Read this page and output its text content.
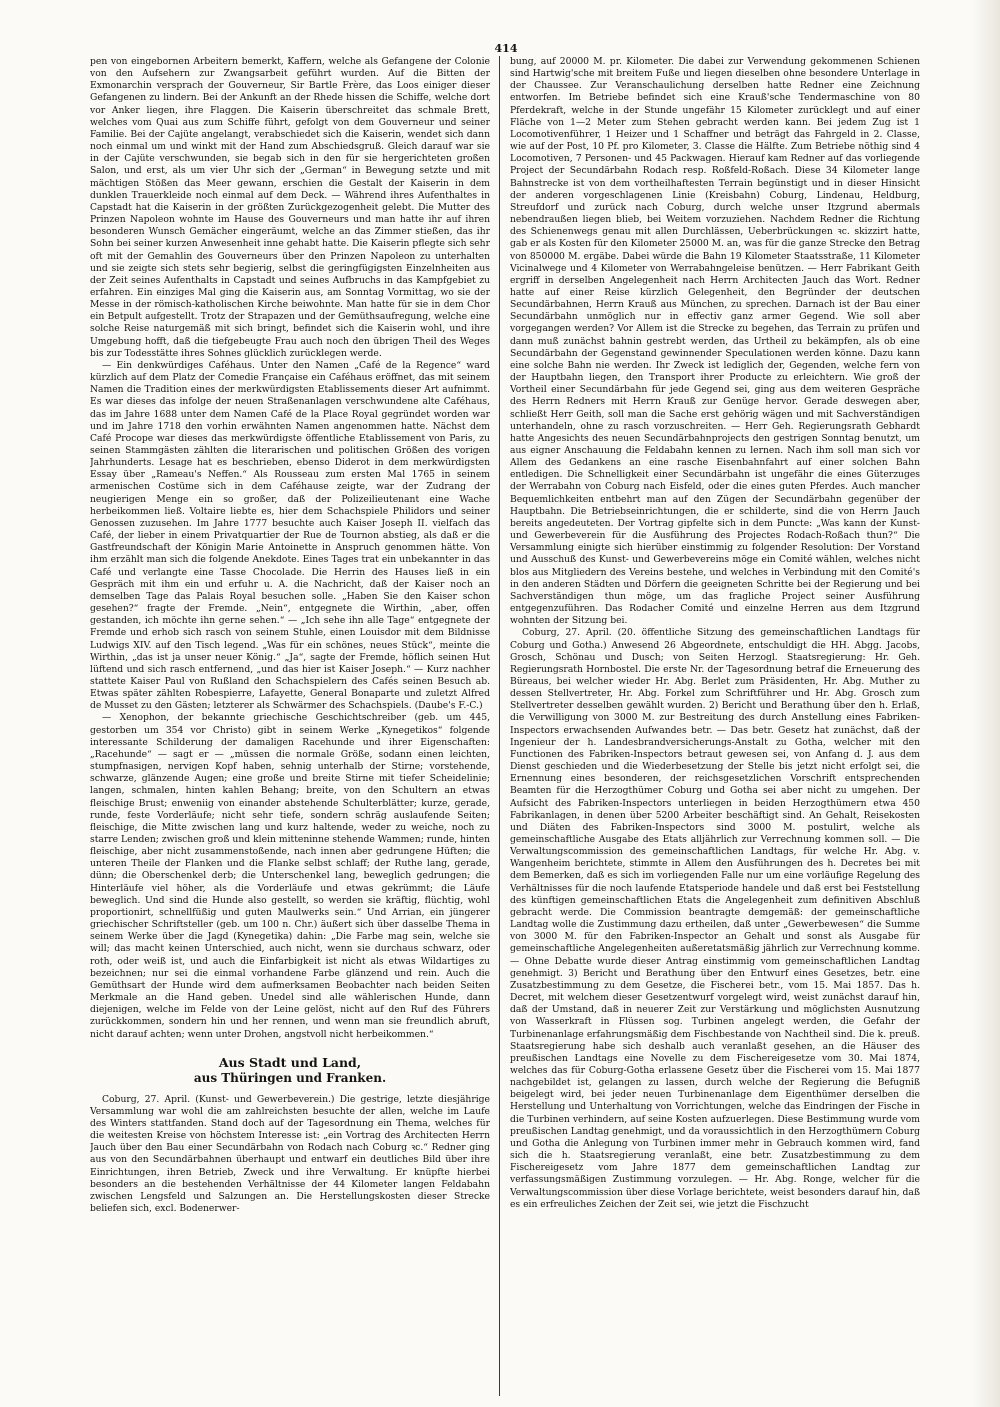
414

pen von eingebornen Arbeitern bemerkt, Kaffern, welche als Gefangene der Colonie von den Aufsehern zur Zwangsarbeit geführt wurden. Auf die Bitten der Exmonarchin versprach der Gouverneur, Sir Bartle Frère, das Loos einiger dieser Gefangenen zu lindern. Bei der Ankunft an der Rhede hissen die Schiffe, welche dort vor Anker liegen, ihre Flaggen. Die Kaiserin überschreitet das schmale Brett, welches vom Quai aus zum Schiffe führt, gefolgt von dem Gouverneur und seiner Familie. Bei der Cajüte angelangt, verabschiedet sich die Kaiserin, wendet sich dann noch einmal um und winkt mit der Hand zum Abschiedsgruß. Gleich darauf war sie in der Cajüte verschwunden, sie begab sich in den für sie hergerichteten großen Salon, und erst, als um vier Uhr sich der „German“ in Bewegung setzte und mit mächtigen Stößen das Meer gewann, erschien die Gestalt der Kaiserin in dem dunklen Trauerkleide noch einmal auf dem Deck. — Während ihres Aufenthaltes in Capstadt hat die Kaiserin in der größten Zurückgezogenheit gelebt. Die Mutter des Prinzen Napoleon wohnte im Hause des Gouverneurs und man hatte ihr auf ihren besonderen Wunsch Gemächer eingeräumt, welche an das Zimmer stießen, das ihr Sohn bei seiner kurzen Anwesenheit inne gehabt hatte. Die Kaiserin pflegte sich sehr oft mit der Gemahlin des Gouverneurs über den Prinzen Napoleon zu unterhalten und sie zeigte sich stets sehr begierig, selbst die geringfügigsten Einzelnheiten aus der Zeit seines Aufenthalts in Capstadt und seines Aufbruchs in das Kampfgebiet zu erfahren. Ein einziges Mal ging die Kaiserin aus, am Sonntag Vormittag, wo sie der Messe in der römisch-katholischen Kirche beiwohnte. Man hatte für sie in dem Chor ein Betpult aufgestellt. Trotz der Strapazen und der Gemüthsaufregung, welche eine solche Reise naturgemäß mit sich bringt, befindet sich die Kaiserin wohl, und ihre Umgebung hofft, daß die tiefgebeugte Frau auch noch den übrigen Theil des Weges bis zur Todesstätte ihres Sohnes glücklich zurücklegen werde.

— Ein denkwürdiges Caféhaus. Unter den Namen „Café de la Regence“ ward kürzlich auf dem Platz der Comedie Française ein Caféhaus eröffnet, das mit seinem Namen die Tradition eines der merkwürdigsten Etablissements dieser Art aufnimmt. Es war dieses das infolge der neuen Straßenanlagen verschwundene alte Caféhaus, das im Jahre 1688 unter dem Namen Café de la Place Royal gegründet worden war und im Jahre 1718 den vorhin erwähnten Namen angenommen hatte. Nächst dem Café Procope war dieses das merkwürdigste öffentliche Etablissement von Paris, zu seinen Stammgästen zählten die literarischen und politischen Größen des vorigen Jahrhunderts. Lesage hat es beschrieben, ebenso Diderot in dem merkwürdigsten Essay über „Rameau's Neffen.“ Als Rousseau zum ersten Mal 1765 in seinem armenischen Costüme sich in dem Caféhause zeigte, war der Zudrang der neugierigen Menge ein so großer, daß der Polizeilieutenant eine Wache herbeikommen ließ. Voltaire liebte es, hier dem Schachspiele Philidors und seiner Genossen zuzusehen. Im Jahre 1777 besuchte auch Kaiser Joseph II. vielfach das Café, der lieber in einem Privatquartier der Rue de Tournon abstieg, als daß er die Gastfreundschaft der Königin Marie Antoinette in Anspruch genommen hätte. Von ihm erzählt man sich die folgende Anekdote. Eines Tages trat ein unbekannter in das Café und verlangte eine Tasse Chocolade. Die Herrin des Hauses ließ in ein Gespräch mit ihm ein und erfuhr u. A. die Nachricht, daß der Kaiser noch an demselben Tage das Palais Royal besuchen solle. „Haben Sie den Kaiser schon gesehen?“ fragte der Fremde. „Nein“, entgegnete die Wirthin, „aber, offen gestanden, ich möchte ihn gerne sehen.“ — „Ich sehe ihn alle Tage“ entgegnete der Fremde und erhob sich rasch von seinem Stuhle, einen Louisdor mit dem Bildnisse Ludwigs XIV. auf den Tisch legend. „Was für ein schönes, neues Stück“, meinte die Wirthin, „das ist ja unser neuer König.“ „Ja“, sagte der Fremde, höflich seinen Hut lüftend und sich rasch entfernend, „und das hier ist Kaiser Joseph.“ — Kurz nachher stattete Kaiser Paul von Rußland den Schachspielern des Cafés seinen Besuch ab. Etwas später zählten Robespierre, Lafayette, General Bonaparte und zuletzt Alfred de Musset zu den Gästen; letzterer als Schwärmer des Schachspiels. (Daube's F.-C.)

— Xenophon, der bekannte griechische Geschichtschreiber (geb. um 445, gestorben um 354 vor Christo) gibt in seinem Werke „Kynegetikos“ folgende interessante Schilderung der damaligen Racehunde und ihrer Eigenschaften: „Racehunde“ — sagt er — „müssen die normale Größe, sodann einen leichten, stumpfnasigen, nervigen Kopf haben, sehnig unterhalb der Stirne; vorstehende, schwarze, glänzende Augen; eine große und breite Stirne mit tiefer Scheidelinie; langen, schmalen, hinten kahlen Behang; breite, von den Schultern an etwas fleischige Brust; enweniig von einander abstehende Schulterblätter; kurze, gerade, runde, feste Vorderläufe; nicht sehr tiefe, sondern schräg auslaufende Seiten; fleischige, die Mitte zwischen lang und kurz haltende, weder zu weiche, noch zu starre Lenden; zwischen groß und klein mitteninne stehende Wammen; runde, hinten fleischige, aber nicht zusammenstoßende, nach innen aber gedrungene Hüften; die unteren Theile der Flanken und die Flanke selbst schlaff; der Ruthe lang, gerade, dünn; die Oberschenkel derb; die Unterschenkel lang, beweglich gedrungen; die Hinterläufe viel höher, als die Vorderläufe und etwas gekrümmt; die Läufe beweglich. Und sind die Hunde also gestellt, so werden sie kräftig, flüchtig, wohl proportionirt, schnellfüßig und guten Maulwerks sein.“ Und Arrian, ein jüngerer griechischer Schriftsteller (geb. um 100 n. Chr.) äußert sich über dasselbe Thema in seinem Werke über die Jagd (Kynegetika) dahin: „Die Farbe mag sein, welche sie will; das macht keinen Unterschied, auch nicht, wenn sie durchaus schwarz, oder roth, oder weiß ist, und auch die Einfarbigkeit ist nicht als etwas Wildartiges zu bezeichnen; nur sei die einmal vorhandene Farbe glänzend und rein. Auch die Gemüthsart der Hunde wird dem aufmerksamen Beobachter nach beiden Seiten Merkmale an die Hand geben. Unedel sind alle wählerischen Hunde, dann diejenigen, welche im Felde von der Leine gelöst, nicht auf den Ruf des Führers zurückkommen, sondern hin und her rennen, und wenn man sie freundlich abruft, nicht darauf achten; wenn unter Drohen, angstvoll nicht herbeikommen.“

Aus Stadt und Land,
aus Thüringen und Franken.

Coburg, 27. April. (Kunst- und Gewerbeverein.) Die gestrige, letzte diesjährige Versammlung war wohl die am zahlreichsten besuchte der allen, welche im Laufe des Winters stattfanden. Stand doch auf der Tagesordnung ein Thema, welches für die weitesten Kreise von höchstem Interesse ist: „ein Vortrag des Architecten Herrn Jauch über den Bau einer Secundärbahn von Rodach nach Coburg ꝛc.“ Redner ging aus von den Secundärbahnen überhaupt und entwarf ein deutliches Bild über ihre Einrichtungen, ihren Betrieb, Zweck und ihre Verwaltung. Er knüpfte hierbei besonders an die bestehenden Verhältnisse der 44 Kilometer langen Feldabahn zwischen Lengsfeld und Salzungen an. Die Herstellungskosten dieser Strecke beliefen sich, excl. Bodenerwer-

bung, auf 20000 M. pr. Kilometer. Die dabei zur Verwendung gekommenen Schienen sind Hartwig'sche mit breitem Fuße und liegen dieselben ohne besondere Unterlage in der Chaussee. Zur Veranschaulichung derselben hatte Redner eine Zeichnung entworfen. Im Betriebe befindet sich eine Krauß'sche Tendermaschine von 80 Pferdekraft, welche in der Stunde ungefähr 15 Kilometer zurücklegt und auf einer Fläche von 1—2 Meter zum Stehen gebracht werden kann. Bei jedem Zug ist 1 Locomotivenführer, 1 Heizer und 1 Schaffner und beträgt das Fahrgeld in 2. Classe, wie auf der Post, 10 Pf. pro Kilometer, 3. Classe die Hälfte. Zum Betriebe nöthig sind 4 Locomotiven, 7 Personen- und 45 Packwagen. Hierauf kam Redner auf das vorliegende Project der Secundärbahn Rodach resp. Roßfeld-Roßach. Diese 34 Kilometer lange Bahnstrecke ist von dem vortheilhaftesten Terrain begünstigt und in dieser Hinsicht der anderen vorgeschlagenen Linie (Kreisbahn) Coburg, Lindenau, Heldburg, Streufdorf und zurück nach Coburg, durch welche unser Itzgrund abermals nebendraußen liegen blieb, bei Weitem vorzuziehen. Nachdem Redner die Richtung des Schienenwegs genau mit allen Durchlässen, Ueberbrückungen ꝛc. skizzirt hatte, gab er als Kosten für den Kilometer 25000 M. an, was für die ganze Strecke den Betrag von 850000 M. ergäbe. Dabei würde die Bahn 19 Kilometer Staatsstraße, 11 Kilometer Vicinalwege und 4 Kilometer von Werrabahngeleise benützen. — Herr Fabrikant Geith ergriff in derselben Angelegenheit nach Herrn Architecten Jauch das Wort. Redner hatte auf einer Reise kürzlich Gelegenheit, den Begründer der deutschen Secundärbahnen, Herrn Krauß aus München, zu sprechen. Darnach ist der Bau einer Secundärbahn unmöglich nur in effectiv ganz armer Gegend. Wie soll aber vorgegangen werden? Vor Allem ist die Strecke zu begehen, das Terrain zu prüfen und dann muß zunächst bahnin gestrebt werden, das Urtheil zu bekämpfen, als ob eine Secundärbahn der Gegenstand gewinnender Speculationen werden könne. Dazu kann eine solche Bahn nie werden. Ihr Zweck ist lediglich der, Gegenden, welche fern von der Hauptbahn liegen, den Transport ihrer Producte zu erleichtern. Wie groß der Vortheil einer Secundärbahn für jede Gegend sei, ging aus dem weiteren Gespräche des Herrn Redners mit Herrn Krauß zur Genüge hervor. Gerade deswegen aber, schließt Herr Geith, soll man die Sache erst gehörig wägen und mit Sachverständigen unterhandeln, ohne zu rasch vorzuschreiten. — Herr Geh. Regierungsrath Gebhardt hatte Angesichts des neuen Secundärbahnprojects den gestrigen Sonntag benutzt, um aus eigner Anschauung die Feldabahn kennen zu lernen. Nach ihm soll man sich vor Allem des Gedankens an eine rasche Eisenbahnfahrt auf einer solchen Bahn entledigen. Die Schnelligkeit einer Secundärbahn ist ungefähr die eines Güterzuges der Werrabahn von Coburg nach Eisfeld, oder die eines guten Pferdes. Auch mancher Bequemlichkeiten entbehrt man auf den Zügen der Secundärbahn gegenüber der Hauptbahn. Die Betriebseinrichtungen, die er schilderte, sind die von Herrn Jauch bereits angedeuteten. Der Vortrag gipfelte sich in dem Puncte: „Was kann der Kunst- und Gewerbeverein für die Ausführung des Projectes Rodach-Roßach thun?“ Die Versammlung einigte sich hierüber einstimmig zu folgender Resolution: Der Vorstand und Ausschuß des Kunst- und Gewerbevereins möge ein Comité wählen, welches nicht blos aus Mitgliedern des Vereins bestehe, und welches in Verbindung mit den Comité's in den anderen Städten und Dörfern die geeigneten Schritte bei der Regierung und bei Sachverständigen thun möge, um das fragliche Project seiner Ausführung entgegenzuführen. Das Rodacher Comité und einzelne Herren aus dem Itzgrund wohnten der Sitzung bei.

Coburg, 27. April. (20. öffentliche Sitzung des gemeinschaftlichen Landtags für Coburg und Gotha.) Anwesend 26 Abgeordnete, entschuldigt die HH. Abgg. Jacobs, Grosch, Schönau und Dusch; von Seiten Herzogl. Staatsregierung: Hr. Geh. Regierungsrath Hornbostel. Die erste Nr. der Tagesordnung betraf die Erneuerung des Büreaus, bei welcher wieder Hr. Abg. Berlet zum Präsidenten, Hr. Abg. Muther zu dessen Stellvertreter, Hr. Abg. Forkel zum Schriftführer und Hr. Abg. Grosch zum Stellvertreter desselben gewählt wurden. 2) Bericht und Berathung über den h. Erlaß, die Verwilligung von 3000 M. zur Bestreitung des durch Anstellung eines Fabriken-Inspectors erwachsenden Aufwandes betr. — Das betr. Gesetz hat zunächst, daß der Ingenieur der h. Landesbrandversicherungs-Anstalt zu Gotha, welcher mit den Functionen des Fabriken-Inspectors betraut gewesen sei, von Anfang d. J. aus dem Dienst geschieden und die Wiederbesetzung der Stelle bis jetzt nicht erfolgt sei, die Ernennung eines besonderen, der reichsgesetzlichen Vorschrift entsprechenden Beamten für die Herzogthümer Coburg und Gotha sei aber nicht zu umgehen. Der Aufsicht des Fabriken-Inspectors unterliegen in beiden Herzogthümern etwa 450 Fabrikanlagen, in denen über 5200 Arbeiter beschäftigt sind. An Gehalt, Reisekosten und Diäten des Fabriken-Inspectors sind 3000 M. postulirt, welche als gemeinschaftliche Ausgabe des Etats alljährlich zur Verrechnung kommen soll. — Die Verwaltungscommission des gemeinschaftlichen Landtags, für welche Hr. Abg. v. Wangenheim berichtete, stimmte in Allem den Ausführungen des h. Decretes bei mit dem Bemerken, daß es sich im vorliegenden Falle nur um eine vorläufige Regelung des Verhältnisses für die noch laufende Etatsperiode handele und daß erst bei Feststellung des künftigen gemeinschaftlichen Etats die Angelegenheit zum definitiven Abschluß gebracht werde. Die Commission beantragte demgemäß: der gemeinschaftliche Landtag wolle die Zustimmung dazu ertheilen, daß unter „Gewerbewesen“ die Summe von 3000 M. für den Fabriken-Inspector an Gehalt und sonst als Ausgabe für gemeinschaftliche Angelegenheiten außeretatsmäßig jährlich zur Verrechnung komme. — Ohne Debatte wurde dieser Antrag einstimmig vom gemeinschaftlichen Landtag genehmigt. 3) Bericht und Berathung über den Entwurf eines Gesetzes, betr. eine Zusatzbestimmung zu dem Gesetze, die Fischerei betr., vom 15. Mai 1857. Das h. Decret, mit welchem dieser Gesetzentwurf vorgelegt wird, weist zunächst darauf hin, daß der Umstand, daß in neuerer Zeit zur Verstärkung und möglichsten Ausnutzung von Wasserkraft in Flüssen sog. Turbinen angelegt werden, die Gefahr der Turbinenanlage erfahrungsmäßig dem Fischbestande von Nachtheil sind. Die k. preuß. Staatsregierung habe sich deshalb auch veranlaßt gesehen, an die Häuser des preußischen Landtags eine Novelle zu dem Fischereigesetze vom 30. Mai 1874, welches das für Coburg-Gotha erlassene Gesetz über die Fischerei vom 15. Mai 1877 nachgebildet ist, gelangen zu lassen, durch welche der Regierung die Befugniß beigelegt wird, bei jeder neuen Turbinenanlage dem Eigenthümer derselben die Herstellung und Unterhaltung von Vorrichtungen, welche das Eindringen der Fische in die Turbinen verhindern, auf seine Kosten aufzuerlegen. Diese Bestimmung wurde vom preußischen Landtag genehmigt, und da voraussichtlich in den Herzogthümern Coburg und Gotha die Anlegung von Turbinen immer mehr in Gebrauch kommen wird, fand sich die h. Staatsregierung veranlaßt, eine betr. Zusatzbestimmung zu dem Fischereigesetz vom Jahre 1877 dem gemeinschaftlichen Landtag zur verfassungsmäßigen Zustimmung vorzulegen. — Hr. Abg. Ronge, welcher für die Verwaltungscommission über diese Vorlage berichtete, weist besonders darauf hin, daß es ein erfreuliches Zeichen der Zeit sei, wie jetzt die Fischzucht
